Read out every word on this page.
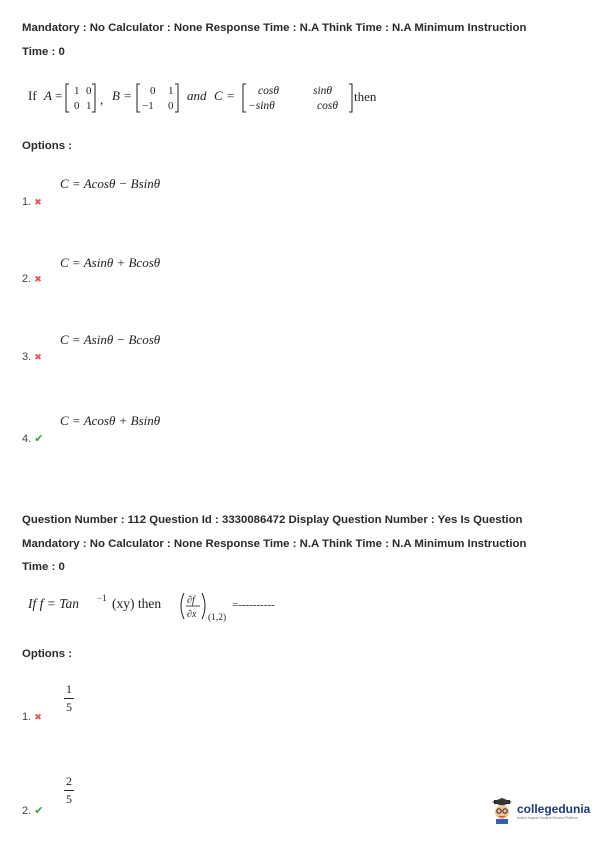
Mandatory : No Calculator : None Response Time : N.A Think Time : N.A Minimum Instruction
Time : 0
If A = 1 0
0 1 , B = 0 1
−1 0
and C = cosθ	sinθ
−sinθ	cosθ
then
Options :
C = Acosθ − Bsinθ
1. ✖
C = Asinθ + Bcosθ
2. ✖
C = Asinθ − Bcosθ
3. ✖
C = Acosθ + Bsinθ
4. ✔
Question Number : 112 Question Id : 3330086472 Display Question Number : Yes Is Question
Mandatory : No Calculator : None Response Time : N.A Think Time : N.A Minimum Instruction
Time : 0
If f = Tan −1 (xy) then	∂f
∂x (1,2)
=----------
Options :
$\frac{1}{5}$
1. ✖
$\frac{2}{5}$
2. ✔	collegedunia
India's largest Student Review Platform
